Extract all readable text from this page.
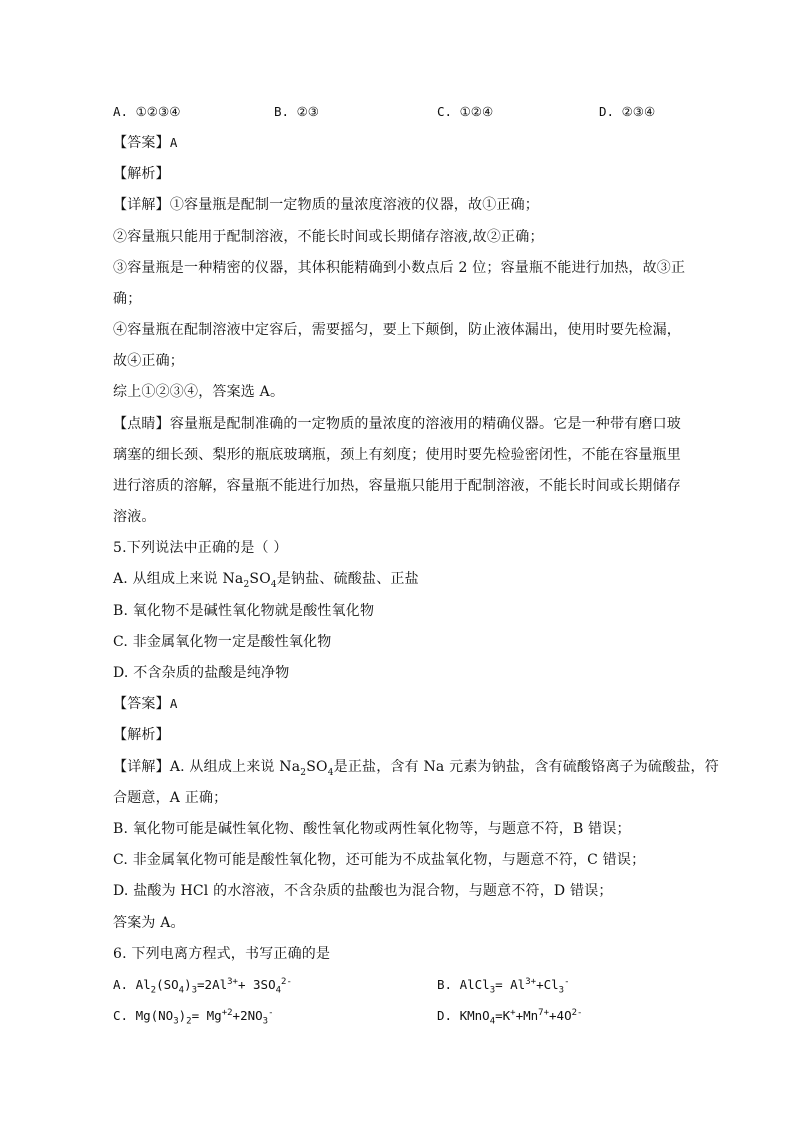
A. ①②③④	B. ②③	C. ①②④	D. ②③④
【答案】A
【解析】
【详解】①容量瓶是配制一定物质的量浓度溶液的仪器，故①正确；
②容量瓶只能用于配制溶液，不能长时间或长期储存溶液,故②正确；
③容量瓶是一种精密的仪器，其体积能精确到小数点后 2 位；容量瓶不能进行加热，故③正
确；
④容量瓶在配制溶液中定容后，需要摇匀，要上下颠倒，防止液体漏出，使用时要先检漏，
故④正确；
综上①②③④，答案选 A。
【点睛】容量瓶是配制准确的一定物质的量浓度的溶液用的精确仪器。它是一种带有磨口玻
璃塞的细长颈、梨形的瓶底玻璃瓶，颈上有刻度；使用时要先检验密闭性，不能在容量瓶里
进行溶质的溶解，容量瓶不能进行加热，容量瓶只能用于配制溶液，不能长时间或长期储存
溶液。
5.下列说法中正确的是（ ）
A. 从组成上来说 $Na_2SO_4$是钠盐、硫酸盐、正盐
B. 氧化物不是碱性氧化物就是酸性氧化物
C. 非金属氧化物一定是酸性氧化物
D. 不含杂质的盐酸是纯净物
【答案】A
【解析】
【详解】A. 从组成上来说 $Na_2SO_4$是正盐，含有 Na 元素为钠盐，含有硫酸铬离子为硫酸盐，符
合题意，A 正确；
B. 氧化物可能是碱性氧化物、酸性氧化物或两性氧化物等，与题意不符，B 错误；
C. 非金属氧化物可能是酸性氧化物，还可能为不成盐氧化物，与题意不符，C 错误；
D. 盐酸为 HCl 的水溶液，不含杂质的盐酸也为混合物，与题意不符，D 错误；
答案为 A。
6. 下列电离方程式，书写正确的是
A. $Al_2(SO_4)_3=2Al^{3+}+ 3SO_4^{2-}$	B. AlCl$_3$= $Al^{3+}+Cl_3^-$
C. $Mg(NO_3)_2= Mg^{+2}+2NO_3^-$	D. $KMnO_4=K^++Mn^{7+}+4O^{2-}$
